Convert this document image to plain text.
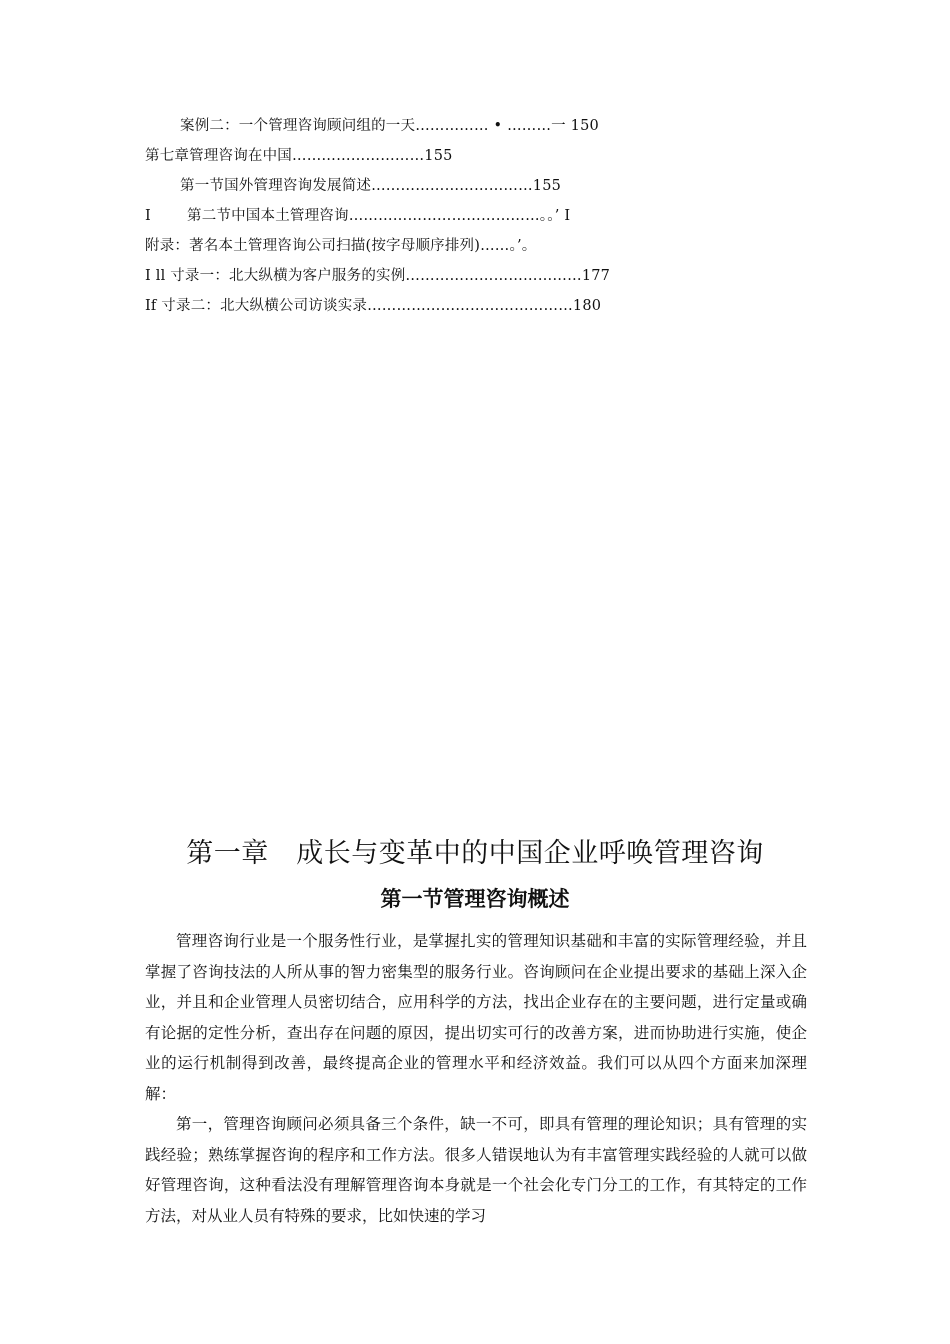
案例二：一个管理咨询顾问组的一天…………… • ………一 150
第七章管理咨询在中国………………………155
第一节国外管理咨询发展简述……………………………155
I 第二节中国本土管理咨询…………………………………。。’ I
附录：著名本土管理咨询公司扫描(按字母顺序排列)……。’。
I ll 寸录一：北大纵横为客户服务的实例………………………………177
If 寸录二：北大纵横公司访谈实录……………………………………180
第一章　成长与变革中的中国企业呼唤管理咨询
第一节管理咨询概述

管理咨询行业是一个服务性行业，是掌握扎实的管理知识基础和丰富的实际管理经验，并且掌握了咨询技法的人所从事的智力密集型的服务行业。咨询顾问在企业提出要求的基础上深入企业，并且和企业管理人员密切结合，应用科学的方法，找出企业存在的主要问题，进行定量或确有论据的定性分析，查出存在问题的原因，提出切实可行的改善方案，进而协助进行实施，使企业的运行机制得到改善，最终提高企业的管理水平和经济效益。我们可以从四个方面来加深理解：

第一，管理咨询顾问必须具备三个条件，缺一不可，即具有管理的理论知识；具有管理的实践经验；熟练掌握咨询的程序和工作方法。很多人错误地认为有丰富管理实践经验的人就可以做好管理咨询，这种看法没有理解管理咨询本身就是一个社会化专门分工的工作，有其特定的工作方法，对从业人员有特殊的要求，比如快速的学习
